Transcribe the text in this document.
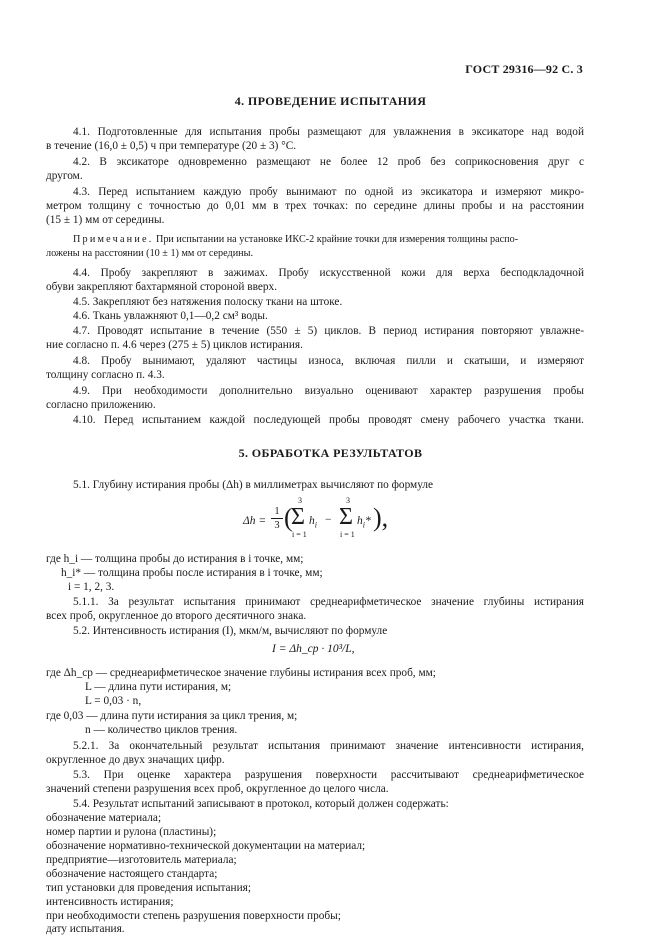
ГОСТ 29316—92 С. 3
4. ПРОВЕДЕНИЕ ИСПЫТАНИЯ
4.1. Подготовленные для испытания пробы размещают для увлажнения в эксикаторе над водой
в течение (16,0 ± 0,5) ч при температуре (20 ± 3) °С.
4.2. В эксикаторе одновременно размещают не более 12 проб без соприкосновения друг с
другом.
4.3. Перед испытанием каждую пробу вынимают по одной из эксикатора и измеряют микро-
метром толщину с точностью до 0,01 мм в трех точках: по середине длины пробы и на расстоянии
(15 ± 1) мм от середины.
Примечание. При испытании на установке ИКС-2 крайние точки для измерения толщины распо-
ложены на расстоянии (10 ± 1) мм от середины.
4.4. Пробу закрепляют в зажимах. Пробу искусственной кожи для верха бесподкладочной
обуви закрепляют бахтармяной стороной вверх.
4.5. Закрепляют без натяжения полоску ткани на штоке.
4.6. Ткань увлажняют 0,1—0,2 см³ воды.
4.7. Проводят испытание в течение (550 ± 5) циклов. В период истирания повторяют увлажне-
ние согласно п. 4.6 через (275 ± 5) циклов истирания.
4.8. Пробу вынимают, удаляют частицы износа, включая пилли и скатыши, и измеряют
толщину согласно п. 4.3.
4.9. При необходимости дополнительно визуально оценивают характер разрушения пробы
согласно приложению.
4.10. Перед испытанием каждой последующей пробы проводят смену рабочего участка ткани.
5. ОБРАБОТКА РЕЗУЛЬТАТОВ
5.1. Глубину истирания пробы (Δh) в миллиметрах вычисляют по формуле
Δh =
1
3 (
3
Σ
i = 1
$h_i$ −
3
Σ
i = 1
$h_i*$ ),
где h_i — толщина пробы до истирания в i точке, мм;
h_i* — толщина пробы после истирания в i точке, мм;
i = 1, 2, 3.
5.1.1. За результат испытания принимают среднеарифметическое значение глубины истирания
всех проб, округленное до второго десятичного знака.
5.2. Интенсивность истирания (I), мкм/м, вычисляют по формуле
I = Δh_ср · 10³/L,
где Δh_ср — среднеарифметическое значение глубины истирания всех проб, мм;
L — длина пути истирания, м;
L = 0,03 · n,
где 0,03 — длина пути истирания за цикл трения, м;
n — количество циклов трения.
5.2.1. За окончательный результат испытания принимают значение интенсивности истирания,
округленное до двух значащих цифр.
5.3. При оценке характера разрушения поверхности рассчитывают среднеарифметическое
значений степени разрушения всех проб, округленное до целого числа.
5.4. Результат испытаний записывают в протокол, который должен содержать:
обозначение материала;
номер партии и рулона (пластины);
обозначение нормативно-технической документации на материал;
предприятие—изготовитель материала;
обозначение настоящего стандарта;
тип установки для проведения испытания;
интенсивность истирания;
при необходимости степень разрушения поверхности пробы;
дату испытания.
